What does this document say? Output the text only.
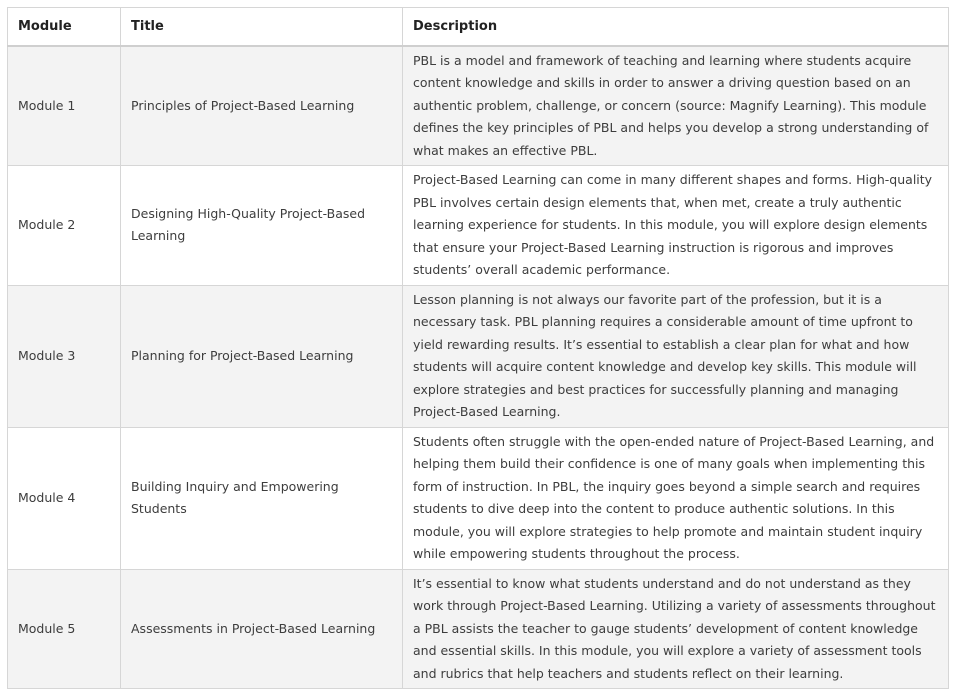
Module	Title	Description
Module 1	Principles of Project-Based Learning	PBL is a model and framework of teaching and learning where students acquire content knowledge and skills in order to answer a driving question based on an authentic problem, challenge, or concern (source: Magnify Learning). This module defines the key principles of PBL and helps you develop a strong understanding of what makes an effective PBL.
Module 2	Designing High-Quality Project-Based Learning	Project-Based Learning can come in many different shapes and forms. High-quality PBL involves certain design elements that, when met, create a truly authentic learning experience for students. In this module, you will explore design elements that ensure your Project-Based Learning instruction is rigorous and improves students’ overall academic performance.
Module 3	Planning for Project-Based Learning	Lesson planning is not always our favorite part of the profession, but it is a necessary task. PBL planning requires a considerable amount of time upfront to yield rewarding results. It’s essential to establish a clear plan for what and how students will acquire content knowledge and develop key skills. This module will explore strategies and best practices for successfully planning and managing Project-Based Learning.
Module 4	Building Inquiry and Empowering Students	Students often struggle with the open-ended nature of Project-Based Learning, and helping them build their confidence is one of many goals when implementing this form of instruction. In PBL, the inquiry goes beyond a simple search and requires students to dive deep into the content to produce authentic solutions. In this module, you will explore strategies to help promote and maintain student inquiry while empowering students throughout the process.
Module 5	Assessments in Project-Based Learning	It’s essential to know what students understand and do not understand as they work through Project-Based Learning. Utilizing a variety of assessments throughout a PBL assists the teacher to gauge students’ development of content knowledge and essential skills. In this module, you will explore a variety of assessment tools and rubrics that help teachers and students reflect on their learning.
